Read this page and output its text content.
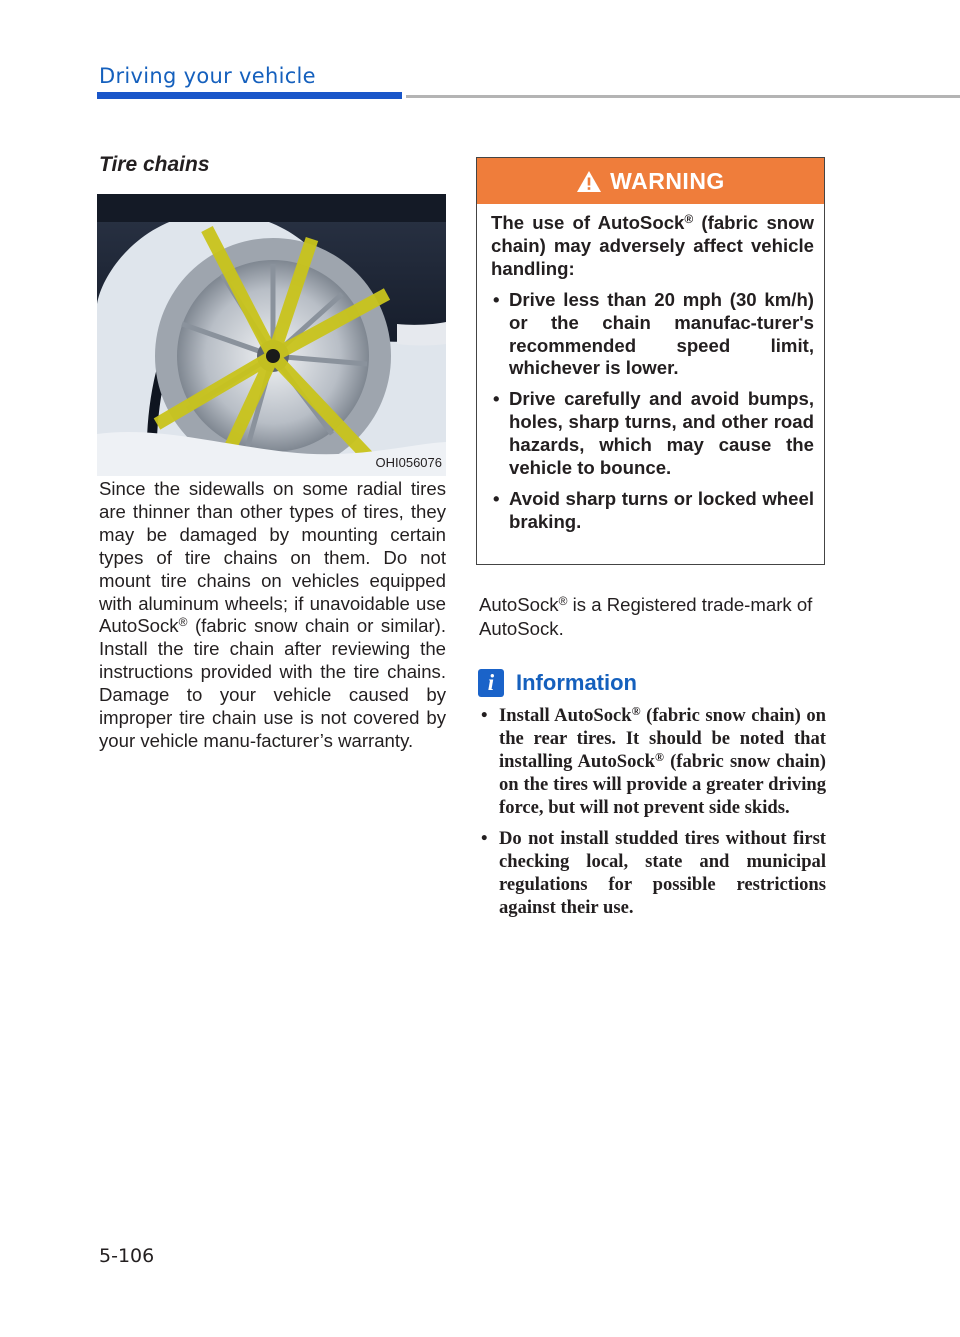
Driving your vehicle
Tire chains
OHI056076

Since the sidewalls on some radial tires are thinner than other types of tires, they may be damaged by mounting certain types of tire chains on them. Do not mount tire chains on vehicles equipped with aluminum wheels; if unavoidable use AutoSock® (fabric snow chain or similar). Install the tire chain after reviewing the instructions provided with the tire chains. Damage to your vehicle caused by improper tire chain use is not covered by your vehicle manu-facturer’s warranty.

WARNING

The use of AutoSock® (fabric snow chain) may adversely affect vehicle handling:

• Drive less than 20 mph (30 km/h) or the chain manufac-turer's recommended speed limit, whichever is lower.
• Drive carefully and avoid bumps, holes, sharp turns, and other road hazards, which may cause the vehicle to bounce.
• Avoid sharp turns or locked wheel braking.

AutoSock® is a Registered trade-mark of AutoSock.

i Information
• Install AutoSock® (fabric snow chain) on the rear tires. It should be noted that installing AutoSock® (fabric snow chain) on the tires will provide a greater driving force, but will not prevent side skids.
• Do not install studded tires without first checking local, state and municipal regulations for possible restrictions against their use.
5-106
